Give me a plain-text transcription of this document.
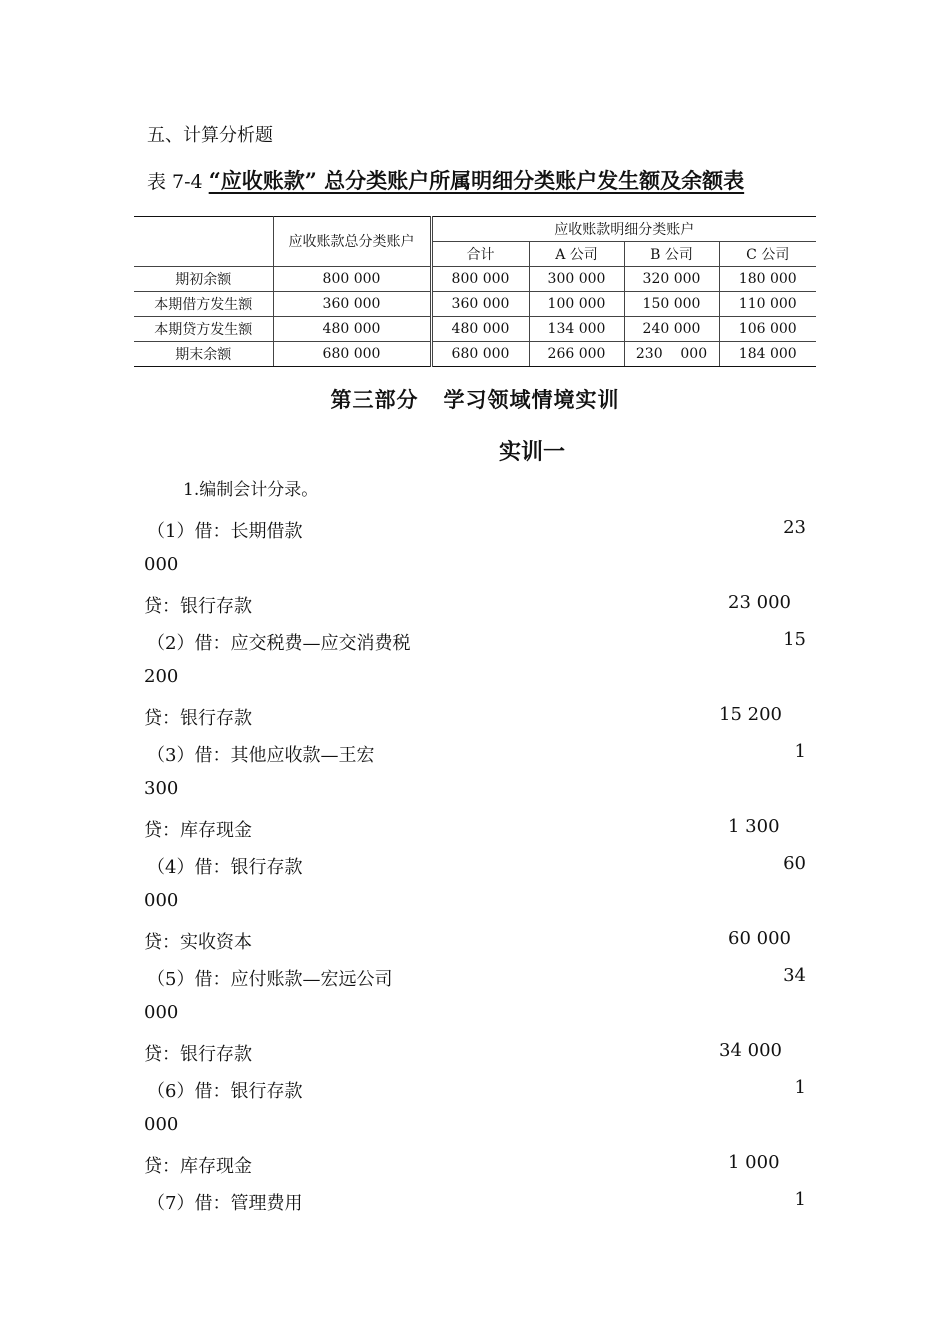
五、计算分析题
表 7-4 “应收账款” 总分类账户所属明细分类账户发生额及余额表
	应收账款总分类账户	应收账款明细分类账户			
		合计	A 公司	B 公司	C 公司
期初余额	800 000	800 000	300 000	320 000	180 000
本期借方发生额	360 000	360 000	100 000	150 000	110 000
本期贷方发生额	480 000	480 000	134 000	240 000	106 000
期末余额	680 000	680 000	266 000	230    000	184 000
第三部分   学习领域情境实训
实训一
1.编制会计分录。
（1）借：长期借款	23
000
贷：银行存款	23 000
（2）借：应交税费—应交消费税	15
200
贷：银行存款	15 200
（3）借：其他应收款—王宏	1
300
贷：库存现金	1 300
（4）借：银行存款	60
000
贷：实收资本	60 000
（5）借：应付账款—宏远公司	34
000
贷：银行存款	34 000
（6）借：银行存款	1
000
贷：库存现金	1 000
（7）借：管理费用	1
